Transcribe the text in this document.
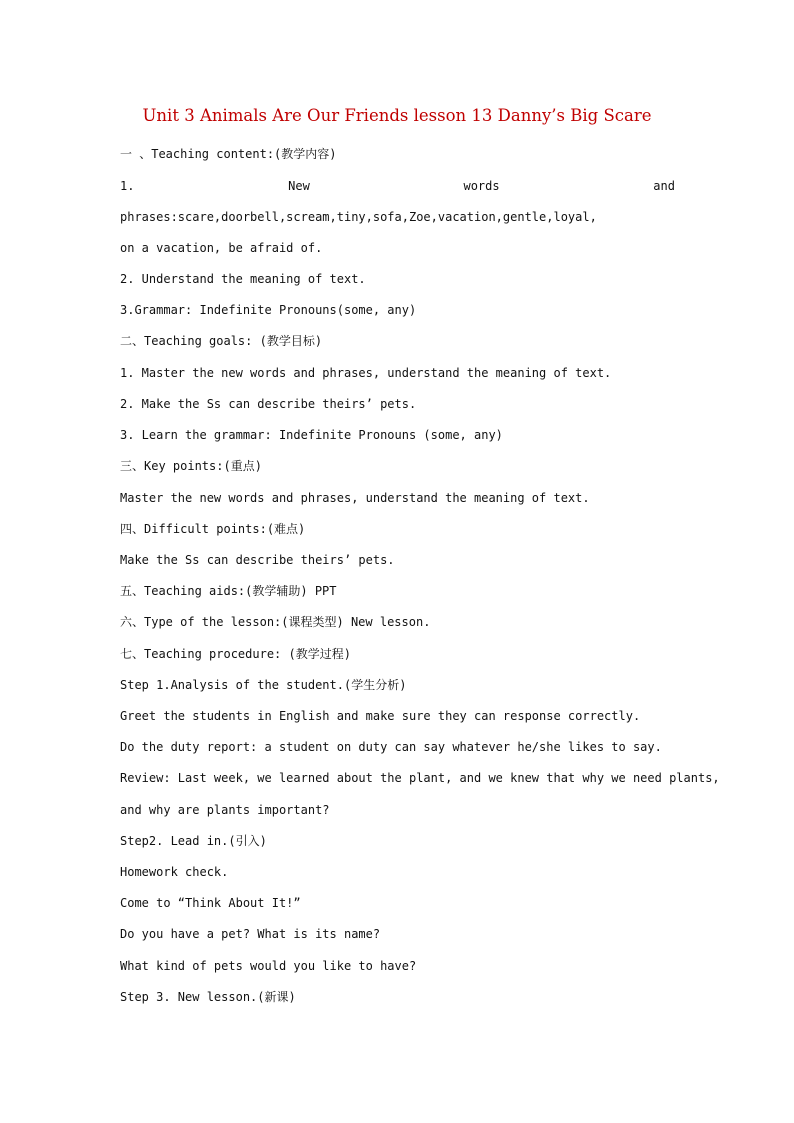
Unit 3 Animals Are Our Friends lesson 13 Danny’s Big Scare
一 、Teaching content:(教学内容)
1.	New	words	and
phrases:scare,doorbell,scream,tiny,sofa,Zoe,vacation,gentle,loyal,
on a vacation, be afraid of.
2. Understand the meaning of text.
3.Grammar: Indefinite Pronouns(some, any)
二、Teaching goals: (教学目标)
1. Master the new words and phrases, understand the meaning of text.
2. Make the Ss can describe theirs’ pets.
3. Learn the grammar: Indefinite Pronouns (some, any)
三、Key points:(重点)
Master the new words and phrases, understand the meaning of text.
四、Difficult points:(难点)
Make the Ss can describe theirs’ pets.
五、Teaching aids:(教学辅助) PPT
六、Type of the lesson:(课程类型) New lesson.
七、Teaching procedure: (教学过程)
Step 1.Analysis of the student.(学生分析)
Greet the students in English and make sure they can response correctly.
Do the duty report: a student on duty can say whatever he/she likes to say.
Review: Last week, we learned about the plant, and we knew that why we need plants,
and why are plants important?
Step2. Lead in.(引入)
Homework check.
Come to “Think About It!”
Do you have a pet? What is its name?
What kind of pets would you like to have?
Step 3. New lesson.(新课)
